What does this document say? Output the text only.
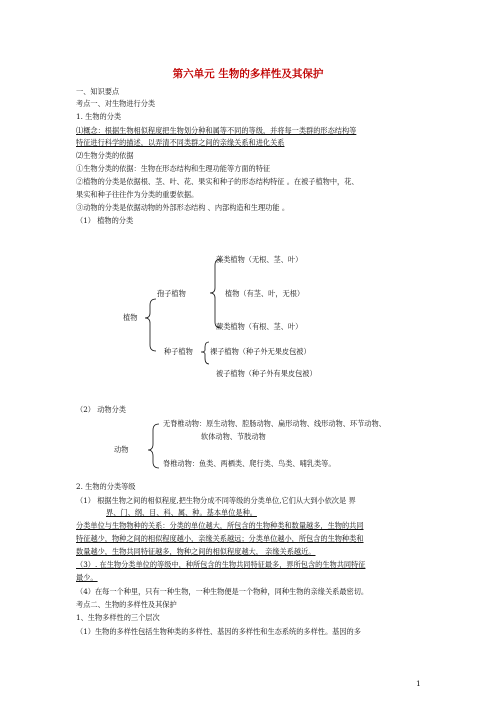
第六单元 生物的多样性及其保护
一、知识要点
考点一、对生物进行分类
1. 生物的分类
⑴概念：根据生物相似程度把生物划分种和属等不同的等级，并将每一类群的形态结构等
特征进行科学的描述，以弄清不同类群之间的亲缘关系和进化关系
⑵生物分类的依据
①生物分类的依据：生物在形态结构和生理功能等方面的特征
②植物的分类是依据根、茎、叶、花、果实和种子的形态结构特征 。在被子植物中，花、
果实和种子往往作为分类的重要依据。
③动物的分类是依据动物的外部形态结构 、内部构造和生理功能 。
（1） 植物的分类
植物
孢子植物
藻类植物（无根、茎、叶）
植物（有茎、叶，无根）
蕨类植物（有根、茎、叶）
种子植物 裸子植物（种子外无果皮包被）
被子植物（种子外有果皮包被）
（2） 动物分类
动物
无脊椎动物：原生动物、腔肠动物、扁形动物、线形动物、环节动物、
软体动物、节肢动物
脊椎动物：鱼类、两栖类、爬行类、鸟类、哺乳类等。
2. 生物的分类等级
（1） 根据生物之间的相似程度,把生物分成不同等级的分类单位,它们从大到小依次是 界
界、门、纲、目、科、属、种。基本单位是种。
分类单位与生物物种的关系：分类的单位越大，所包含的生物种类和数量越多，生物的共同
特征越少，物种之间的相似程度越小，亲缘关系越远；分类单位越小，所包含的生物种类和
数量越少，生物共同特征越多，物种之间的相似程度越大， 亲缘关系越近。
（3）. 在生物分类单位的等级中，种所包含的生物共同特征最多，界所包含的生物共同特征
最少。
（4）在每一个种里，只有一种生物，一种生物便是一个物种，同种生物的亲缘关系最密切。
考点二、生物的多样性及其保护
1、生物多样性的三个层次
（1）生物的多样性包括生物种类的多样性、基因的多样性和生态系统的多样性。基因的多
1
